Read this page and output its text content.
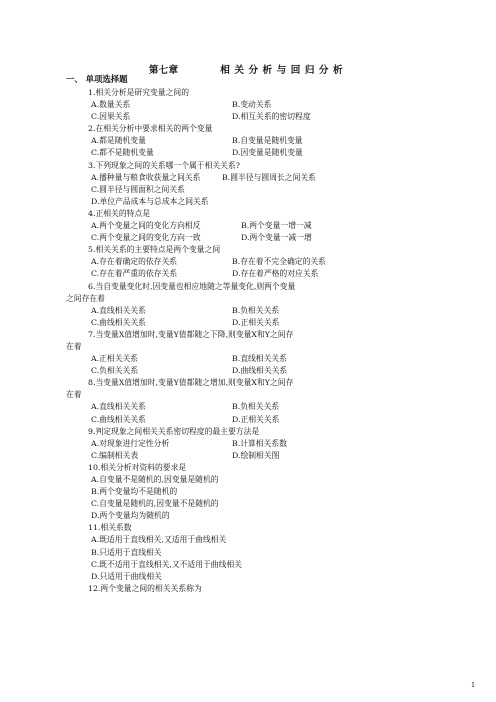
第七章	相关分析与回归分析
一、 单项选择题
1.相关分析是研究变量之间的
A.数量关系	B.变动关系
C.因果关系	D.相互关系的密切程度
2.在相关分析中要求相关的两个变量
A.都是随机变量	B.自变量是随机变量
C.都不是随机变量	D.因变量是随机变量
3.下列现象之间的关系哪一个属于相关关系?
A.播种量与粮食收获量之间关系	B.圆半径与圆周长之间关系
C.圆半径与圆面积之间关系
D.单位产品成本与总成本之间关系
4.正相关的特点是
A.两个变量之间的变化方向相反	B.两个变量一增一减
C.两个变量之间的变化方向一致	D.两个变量一减一增
5.相关关系的主要特点是两个变量之间
A.存在着确定的依存关系	B.存在着不完全确定的关系
C.存在着严重的依存关系	D.存在着严格的对应关系
6.当自变量变化时,因变量也相应地随之等量变化,则两个变量
之间存在着
A.直线相关关系	B.负相关关系
C.曲线相关关系	D.正相关关系
7.当变量X值增加时,变量Y值都随之下降,则变量X和Y之间存
在着
A.正相关关系	B.直线相关关系
C.负相关关系	D.曲线相关关系
8.当变量X值增加时,变量Y值都随之增加,则变量X和Y之间存
在着
A.直线相关关系	B.负相关关系
C.曲线相关关系	D.正相关关系
9.判定现象之间相关关系密切程度的最主要方法是
A.对现象进行定性分析	B.计算相关系数
C.编制相关表	D.绘制相关图
10.相关分析对资料的要求是
A.自变量不是随机的,因变量是随机的
B.两个变量均不是随机的
C.自变量是随机的,因变量不是随机的
D.两个变量均为随机的
11.相关系数
A.既适用于直线相关,又适用于曲线相关
B.只适用于直线相关
C.既不适用于直线相关,又不适用于曲线相关
D.只适用于曲线相关
12.两个变量之间的相关关系称为
1
